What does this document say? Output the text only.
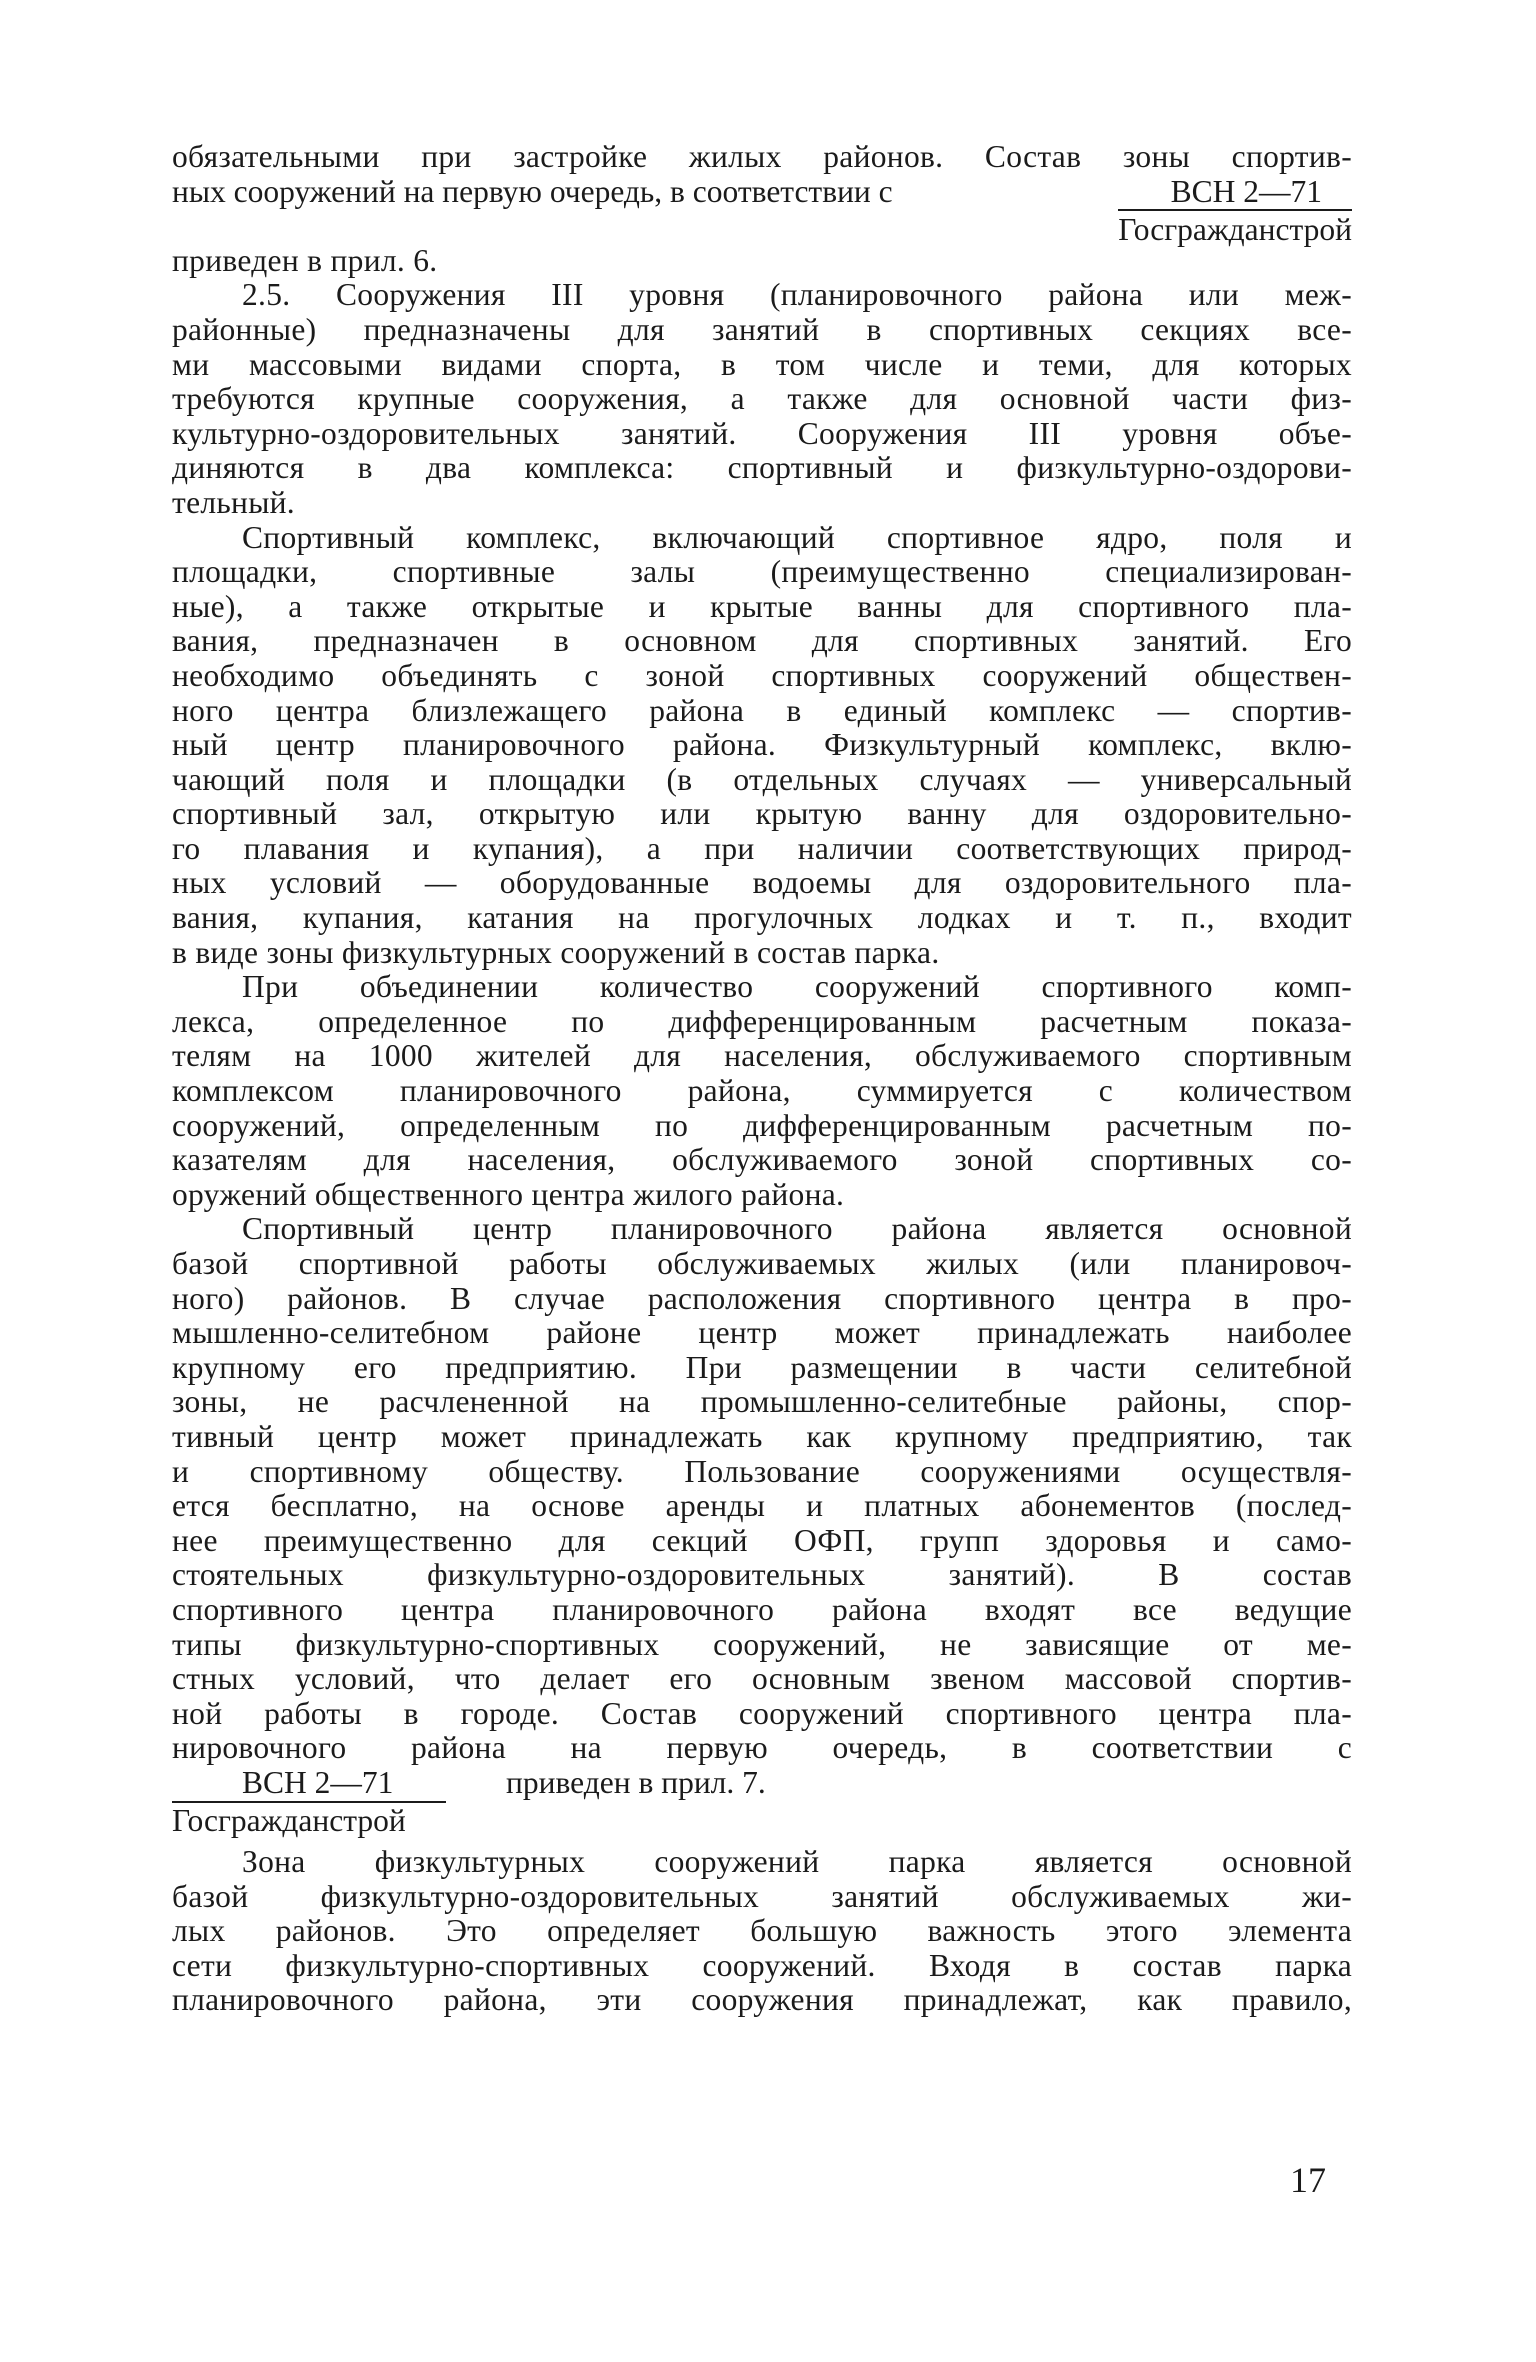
обязательными при застройке жилых районов. Состав зоны спортив-
ных сооружений на первую очередь, в соответствии с	ВСН 2—71
Госгражданстрой
приведен в прил. 6.
2.5. Сооружения III уровня (планировочного района или меж-
районные) предназначены для занятий в спортивных секциях все-
ми массовыми видами спорта, в том числе и теми, для которых
требуются крупные сооружения, а также для основной части физ-
культурно-оздоровительных занятий. Сооружения III уровня объе-
диняются в два комплекса: спортивный и физкультурно-оздорови-
тельный.
Спортивный комплекс, включающий спортивное ядро, поля и
площадки, спортивные залы (преимущественно специализирован-
ные), а также открытые и крытые ванны для спортивного пла-
вания, предназначен в основном для спортивных занятий. Его
необходимо объединять с зоной спортивных сооружений обществен-
ного центра близлежащего района в единый комплекс — спортив-
ный центр планировочного района. Физкультурный комплекс, вклю-
чающий поля и площадки (в отдельных случаях — универсальный
спортивный зал, открытую или крытую ванну для оздоровительно-
го плавания и купания), а при наличии соответствующих природ-
ных условий — оборудованные водоемы для оздоровительного пла-
вания, купания, катания на прогулочных лодках и т. п., входит
в виде зоны физкультурных сооружений в состав парка.
При объединении количество сооружений спортивного комп-
лекса, определенное по дифференцированным расчетным показа-
телям на 1000 жителей для населения, обслуживаемого спортивным
комплексом планировочного района, суммируется с количеством
сооружений, определенным по дифференцированным расчетным по-
казателям для населения, обслуживаемого зоной спортивных со-
оружений общественного центра жилого района.
Спортивный центр планировочного района является основной
базой спортивной работы обслуживаемых жилых (или планировоч-
ного) районов. В случае расположения спортивного центра в про-
мышленно-селитебном районе центр может принадлежать наиболее
крупному его предприятию. При размещении в части селитебной
зоны, не расчлененной на промышленно-селитебные районы, спор-
тивный центр может принадлежать как крупному предприятию, так
и спортивному обществу. Пользование сооружениями осуществля-
ется бесплатно, на основе аренды и платных абонементов (послед-
нее преимущественно для секций ОФП, групп здоровья и само-
стоятельных физкультурно-оздоровительных занятий). В состав
спортивного центра планировочного района входят все ведущие
типы физкультурно-спортивных сооружений, не зависящие от ме-
стных условий, что делает его основным звеном массовой спортив-
ной работы в городе. Состав сооружений спортивного центра пла-
нировочного района на первую очередь, в соответствии с
ВСН 2—71	приведен в прил. 7.
Госгражданстрой
Зона физкультурных сооружений парка является основной
базой физкультурно-оздоровительных занятий обслуживаемых жи-
лых районов. Это определяет большую важность этого элемента
сети физкультурно-спортивных сооружений. Входя в состав парка
планировочного района, эти сооружения принадлежат, как правило,
17
